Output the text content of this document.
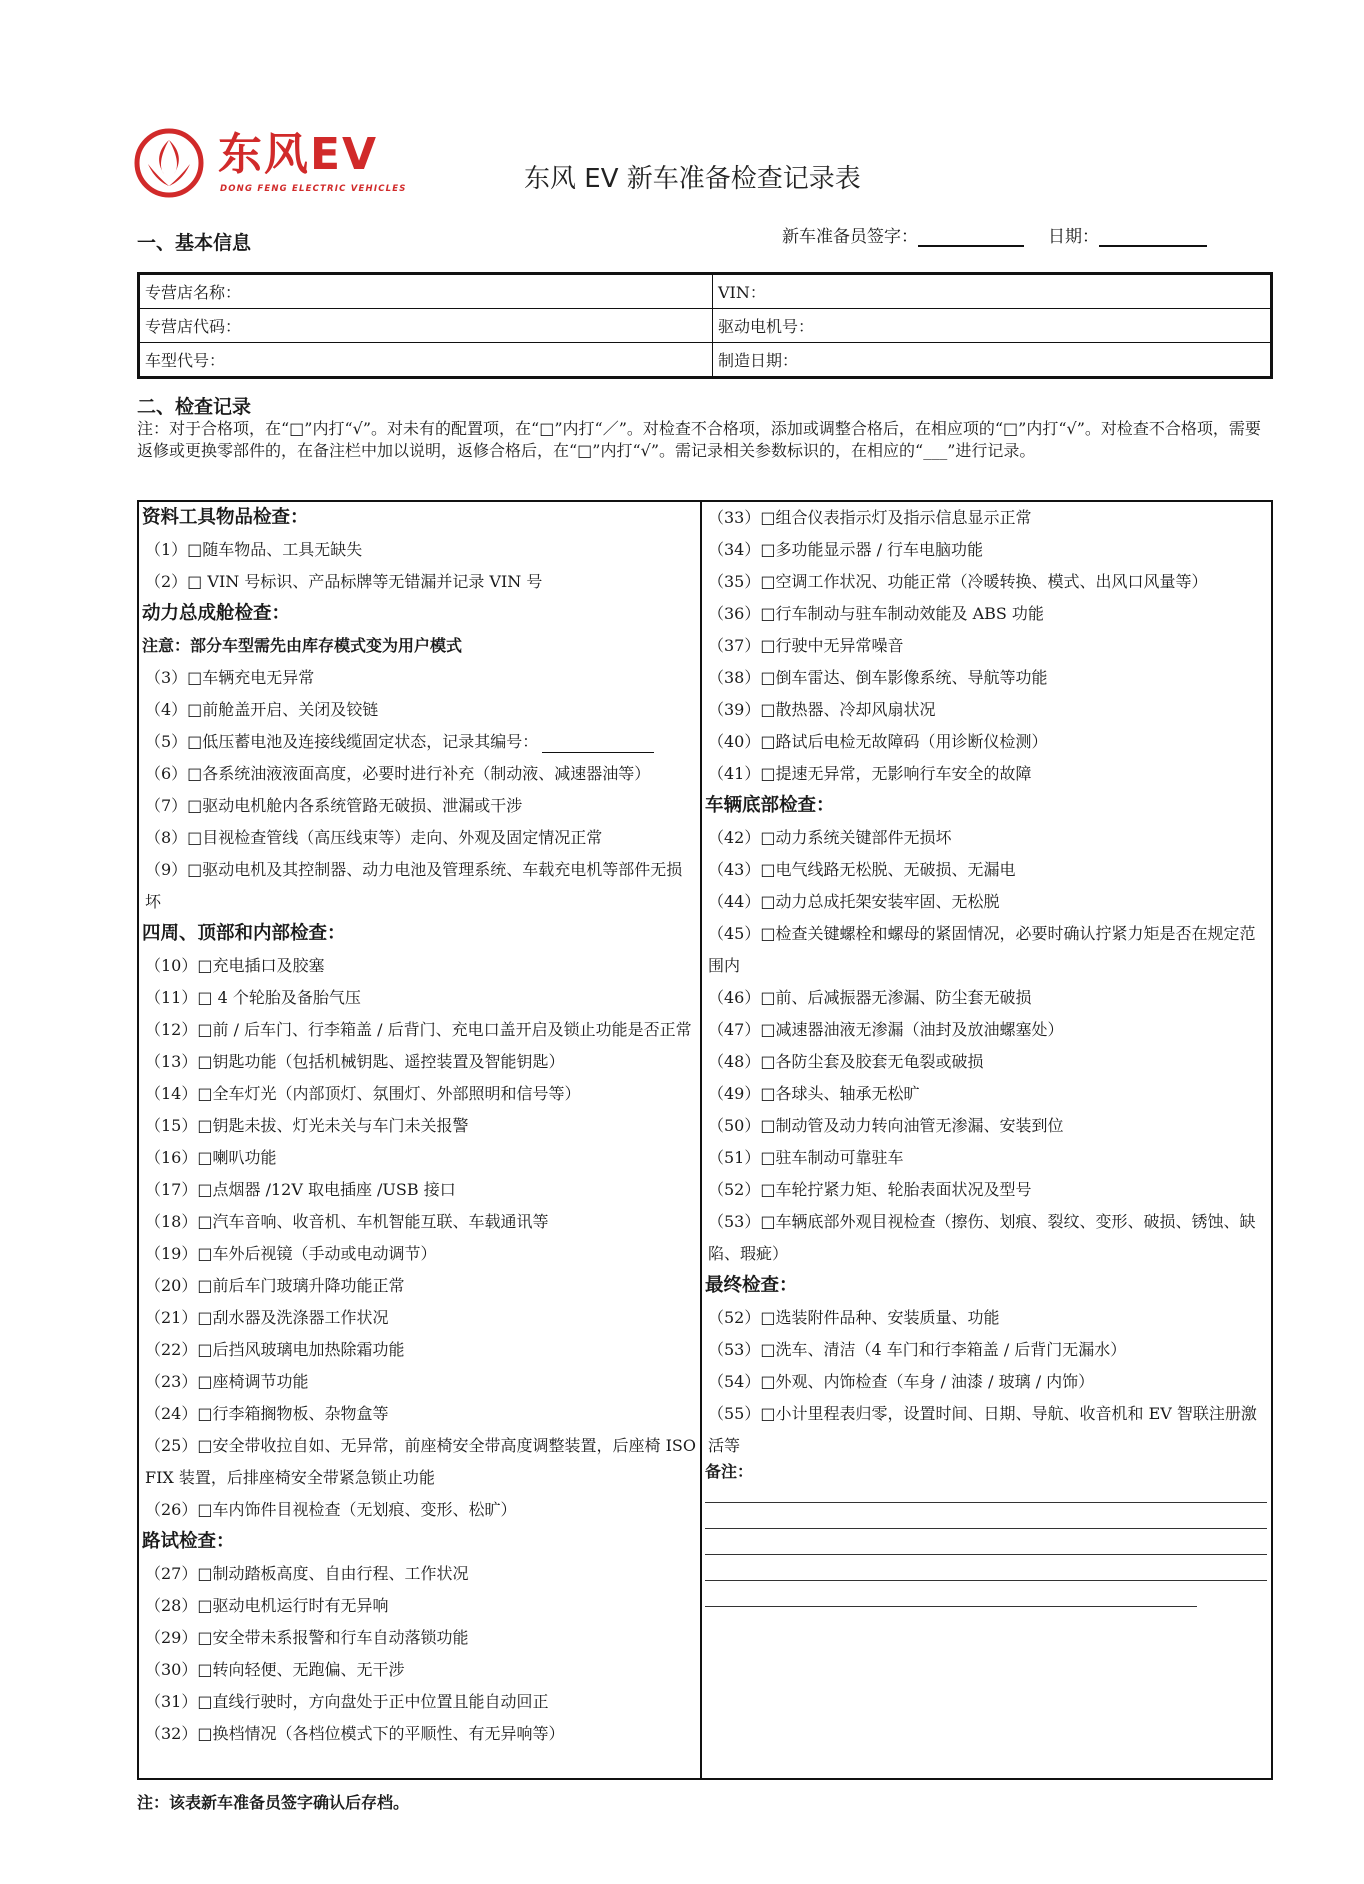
东风EV
DONG FENG ELECTRIC VEHICLES	东风 EV 新车准备检查记录表
一、基本信息	新车准备员签字：	日期：
专营店名称：	VIN：
专营店代码：	驱动电机号：
车型代号：	制造日期：
二、检查记录
注：对于合格项，在“□”内打“√”。对未有的配置项，在“□”内打“／”。对检查不合格项，添加或调整合格后，在相应项的“□”内打“√”。对检查不合格项，需要返修或更换零部件的，在备注栏中加以说明，返修合格后，在“□”内打“√”。需记录相关参数标识的，在相应的“___”进行记录。
资料工具物品检查：
（1）□随车物品、工具无缺失
（2）□ VIN 号标识、产品标牌等无错漏并记录 VIN 号
动力总成舱检查：
注意：部分车型需先由库存模式变为用户模式
（3）□车辆充电无异常
（4）□前舱盖开启、关闭及铰链
（5）□低压蓄电池及连接线缆固定状态，记录其编号：
（6）□各系统油液液面高度，必要时进行补充（制动液、减速器油等）
（7）□驱动电机舱内各系统管路无破损、泄漏或干涉
（8）□目视检查管线（高压线束等）走向、外观及固定情况正常
（9）□驱动电机及其控制器、动力电池及管理系统、车载充电机等部件无损坏
四周、顶部和内部检查：
（10）□充电插口及胶塞
（11）□ 4 个轮胎及备胎气压
（12）□前 / 后车门、行李箱盖 / 后背门、充电口盖开启及锁止功能是否正常
（13）□钥匙功能（包括机械钥匙、遥控装置及智能钥匙）
（14）□全车灯光（内部顶灯、氛围灯、外部照明和信号等）
（15）□钥匙未拔、灯光未关与车门未关报警
（16）□喇叭功能
（17）□点烟器 /12V 取电插座 /USB 接口
（18）□汽车音响、收音机、车机智能互联、车载通讯等
（19）□车外后视镜（手动或电动调节）
（20）□前后车门玻璃升降功能正常
（21）□刮水器及洗涤器工作状况
（22）□后挡风玻璃电加热除霜功能
（23）□座椅调节功能
（24）□行李箱搁物板、杂物盒等
（25）□安全带收拉自如、无异常，前座椅安全带高度调整装置，后座椅 ISO FIX 装置，后排座椅安全带紧急锁止功能
（26）□车内饰件目视检查（无划痕、变形、松旷）
路试检查：
（27）□制动踏板高度、自由行程、工作状况
（28）□驱动电机运行时有无异响
（29）□安全带未系报警和行车自动落锁功能
（30）□转向轻便、无跑偏、无干涉
（31）□直线行驶时，方向盘处于正中位置且能自动回正
（32）□换档情况（各档位模式下的平顺性、有无异响等）
（33）□组合仪表指示灯及指示信息显示正常
（34）□多功能显示器 / 行车电脑功能
（35）□空调工作状况、功能正常（冷暖转换、模式、出风口风量等）
（36）□行车制动与驻车制动效能及 ABS 功能
（37）□行驶中无异常噪音
（38）□倒车雷达、倒车影像系统、导航等功能
（39）□散热器、冷却风扇状况
（40）□路试后电检无故障码（用诊断仪检测）
（41）□提速无异常，无影响行车安全的故障
车辆底部检查：
（42）□动力系统关键部件无损坏
（43）□电气线路无松脱、无破损、无漏电
（44）□动力总成托架安装牢固、无松脱
（45）□检查关键螺栓和螺母的紧固情况，必要时确认拧紧力矩是否在规定范围内
（46）□前、后减振器无渗漏、防尘套无破损
（47）□减速器油液无渗漏（油封及放油螺塞处）
（48）□各防尘套及胶套无龟裂或破损
（49）□各球头、轴承无松旷
（50）□制动管及动力转向油管无渗漏、安装到位
（51）□驻车制动可靠驻车
（52）□车轮拧紧力矩、轮胎表面状况及型号
（53）□车辆底部外观目视检查（擦伤、划痕、裂纹、变形、破损、锈蚀、缺陷、瑕疵）
最终检查：
（52）□选装附件品种、安装质量、功能
（53）□洗车、清洁（4 车门和行李箱盖 / 后背门无漏水）
（54）□外观、内饰检查（车身 / 油漆 / 玻璃 / 内饰）
（55）□小计里程表归零，设置时间、日期、导航、收音机和 EV 智联注册激活等
备注：
注：该表新车准备员签字确认后存档。
